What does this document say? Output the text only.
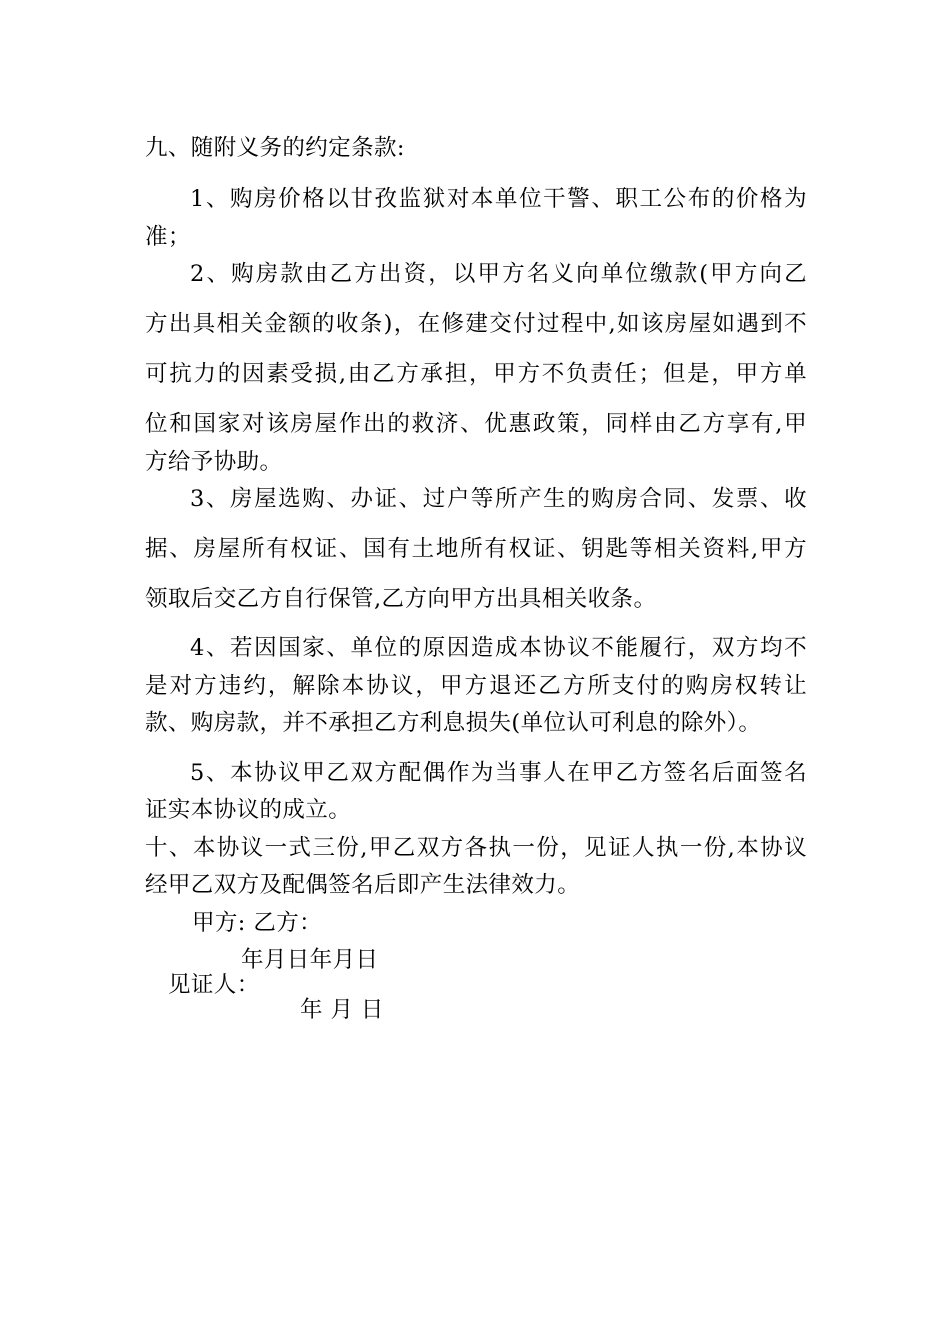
九、随附义务的约定条款:
1、购房价格以甘孜监狱对本单位干警、职工公布的价格为
准；
2、购房款由乙方出资，以甲方名义向单位缴款(甲方向乙
方出具相关金额的收条)，在修建交付过程中,如该房屋如遇到不
可抗力的因素受损,由乙方承担，甲方不负责任；但是，甲方单
位和国家对该房屋作出的救济、优惠政策，同样由乙方享有,甲
方给予协助。
3、房屋选购、办证、过户等所产生的购房合同、发票、收
据、房屋所有权证、国有土地所有权证、钥匙等相关资料,甲方
领取后交乙方自行保管,乙方向甲方出具相关收条。
4、若因国家、单位的原因造成本协议不能履行，双方均不
是对方违约，解除本协议，甲方退还乙方所支付的购房权转让
款、购房款，并不承担乙方利息损失(单位认可利息的除外）。
5、本协议甲乙双方配偶作为当事人在甲乙方签名后面签名
证实本协议的成立。
十、本协议一式三份,甲乙双方各执一份，见证人执一份,本协议
经甲乙双方及配偶签名后即产生法律效力。
甲方: 乙方：
年月日年月日
见证人：
年 月 日
